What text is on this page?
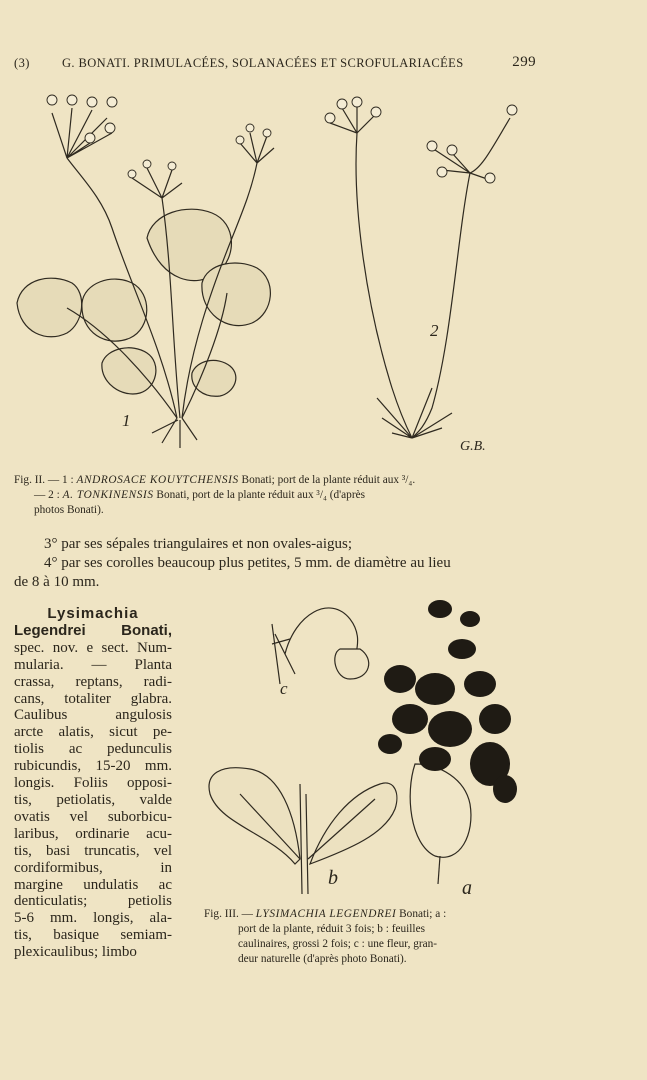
(3)	G. BONATI. PRIMULACÉES, SOLANACÉES ET SCROFULARIACÉES	299
1
2
G.B.

Fig. II. — 1 : ANDROSACE KOUYTCHENSIS Bonati; port de la plante réduit aux ³/₄.

— 2 : A. TONKINENSIS Bonati, port de la plante réduit aux ³/₄ (d'après

photos Bonati).

3° par ses sépales triangulaires et non ovales-aigus;

4° par ses corolles beaucoup plus petites, 5 mm. de diamètre au lieu

de 8 à 10 mm.

Lysimachia
Legendrei Bonati,
spec. nov. e sect. Num-
mularia. — Planta
crassa, reptans, radi-
cans, totaliter glabra.
Caulibus angulosis
arcte alatis, sicut pe-
tiolis ac pedunculis
rubicundis, 15-20 mm.
longis. Foliis opposi-
tis, petiolatis, valde
ovatis vel suborbicu-
laribus, ordinarie acu-
tis, basi truncatis, vel
cordiformibus, in
margine undulatis ac
denticulatis; petiolis
5-6 mm. longis, ala-
tis, basique semiam-
plexicaulibus; limbo
c
b	a

Fig. III. — LYSIMACHIA LEGENDREI Bonati; a :

port de la plante, réduit 3 fois; b : feuilles

caulinaires, grossi 2 fois; c : une fleur, gran-

deur naturelle (d'après photo Bonati).
